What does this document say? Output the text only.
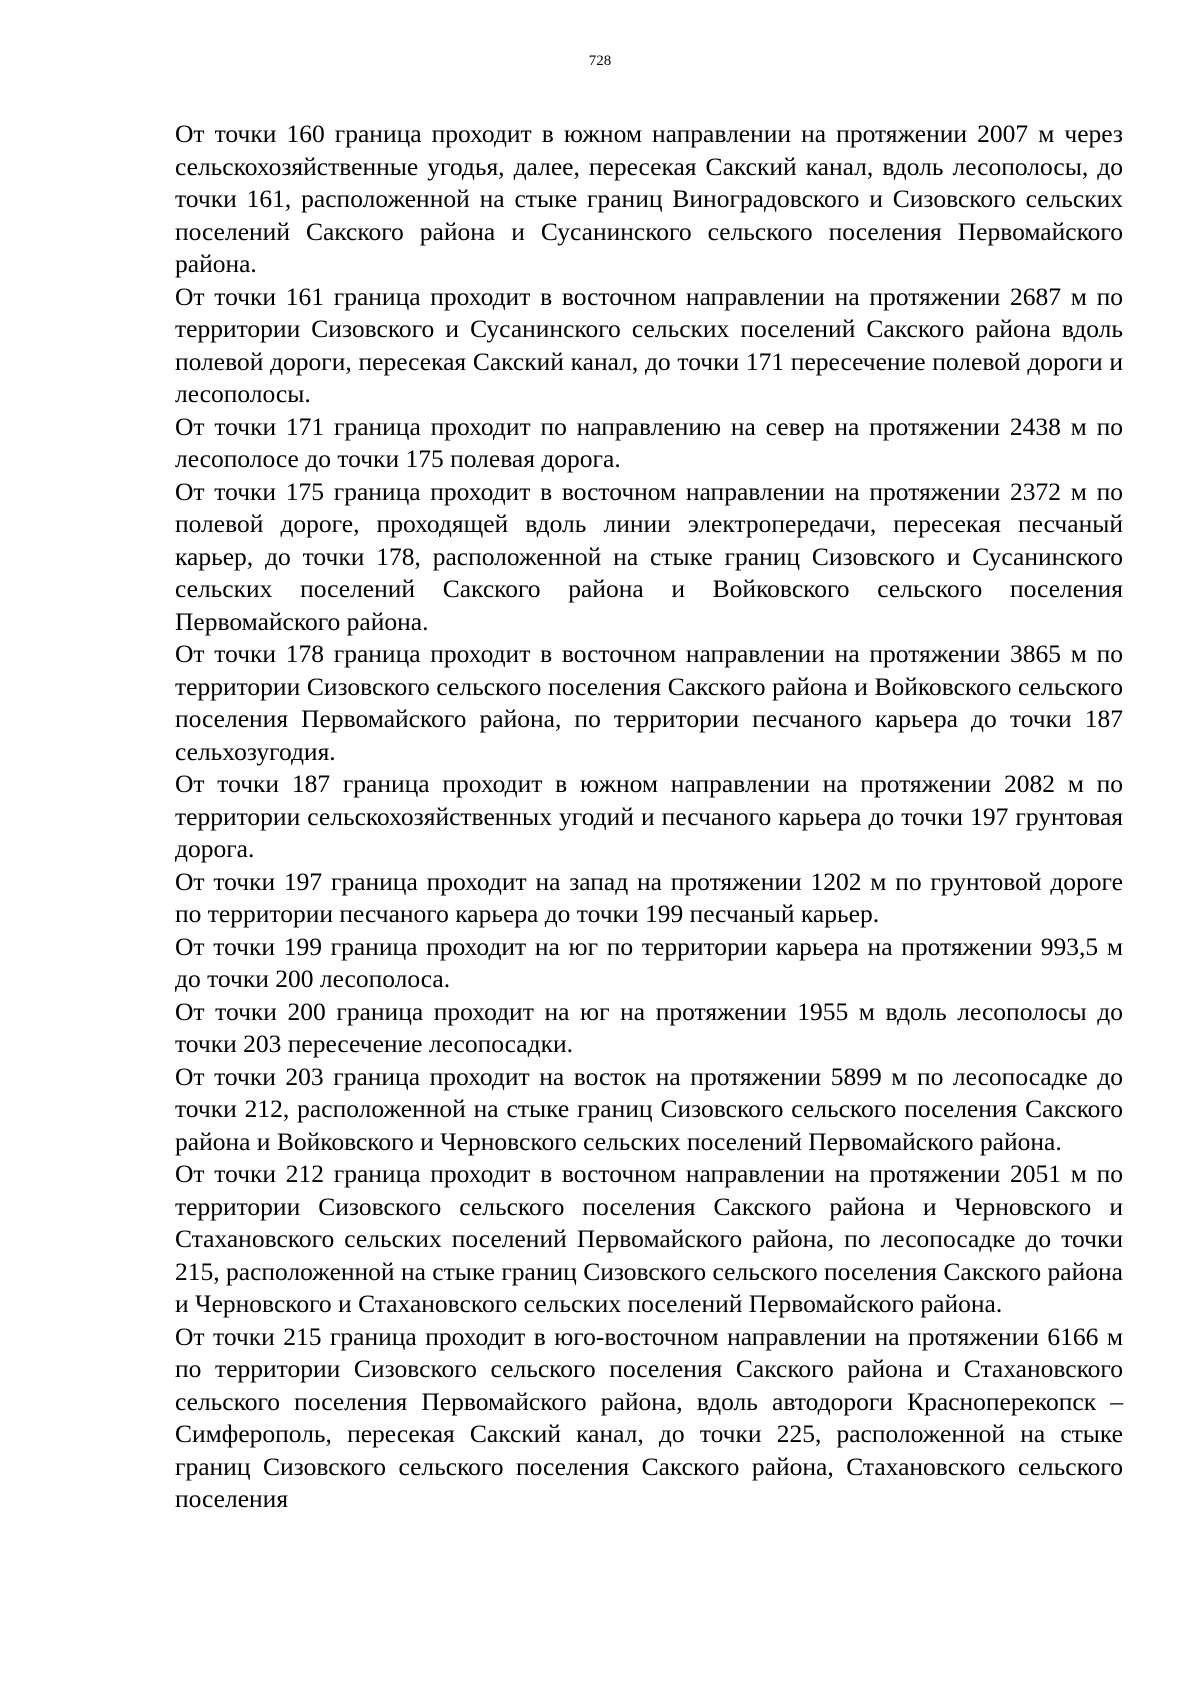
728

От точки 160 граница проходит в южном направлении на протяжении 2007 м через сельскохозяйственные угодья, далее, пересекая Сакский канал, вдоль лесополосы, до точки 161, расположенной на стыке границ Виноградовского и Сизовского сельских поселений Сакского района и Сусанинского сельского поселения Первомайского района.

От точки 161 граница проходит в восточном направлении на протяжении 2687 м по территории Сизовского и Сусанинского сельских поселений Сакского района вдоль полевой дороги, пересекая Сакский канал, до точки 171 пересечение полевой дороги и лесополосы.

От точки 171 граница проходит по направлению на север на протяжении 2438 м по лесополосе до точки 175 полевая дорога.

От точки 175 граница проходит в восточном направлении на протяжении 2372 м по полевой дороге, проходящей вдоль линии электропередачи, пересекая песчаный карьер, до точки 178, расположенной на стыке границ Сизовского и Сусанинского сельских поселений Сакского района и Войковского сельского поселения Первомайского района.

От точки 178 граница проходит в восточном направлении на протяжении 3865 м по территории Сизовского сельского поселения Сакского района и Войковского сельского поселения Первомайского района, по территории песчаного карьера до точки 187 сельхозугодия.

От точки 187 граница проходит в южном направлении на протяжении 2082 м по территории сельскохозяйственных угодий и песчаного карьера до точки 197 грунтовая дорога.

От точки 197 граница проходит на запад на протяжении 1202 м по грунтовой дороге по территории песчаного карьера до точки 199 песчаный карьер.

От точки 199 граница проходит на юг по территории карьера на протяжении 993,5 м до точки 200 лесополоса.

От точки 200 граница проходит на юг на протяжении 1955 м вдоль лесополосы до точки 203 пересечение лесопосадки.

От точки 203 граница проходит на восток на протяжении 5899 м по лесопосадке до точки 212, расположенной на стыке границ Сизовского сельского поселения Сакского района и Войковского и Черновского сельских поселений Первомайского района.

От точки 212 граница проходит в восточном направлении на протяжении 2051 м по территории Сизовского сельского поселения Сакского района и Черновского и Стахановского сельских поселений Первомайского района, по лесопосадке до точки 215, расположенной на стыке границ Сизовского сельского поселения Сакского района и Черновского и Стахановского сельских поселений Первомайского района.

От точки 215 граница проходит в юго-восточном направлении на протяжении 6166 м по территории Сизовского сельского поселения Сакского района и Стахановского сельского поселения Первомайского района, вдоль автодороги Красноперекопск – Симферополь, пересекая Сакский канал, до точки 225, расположенной на стыке границ Сизовского сельского поселения Сакского района, Стахановского сельского поселения
